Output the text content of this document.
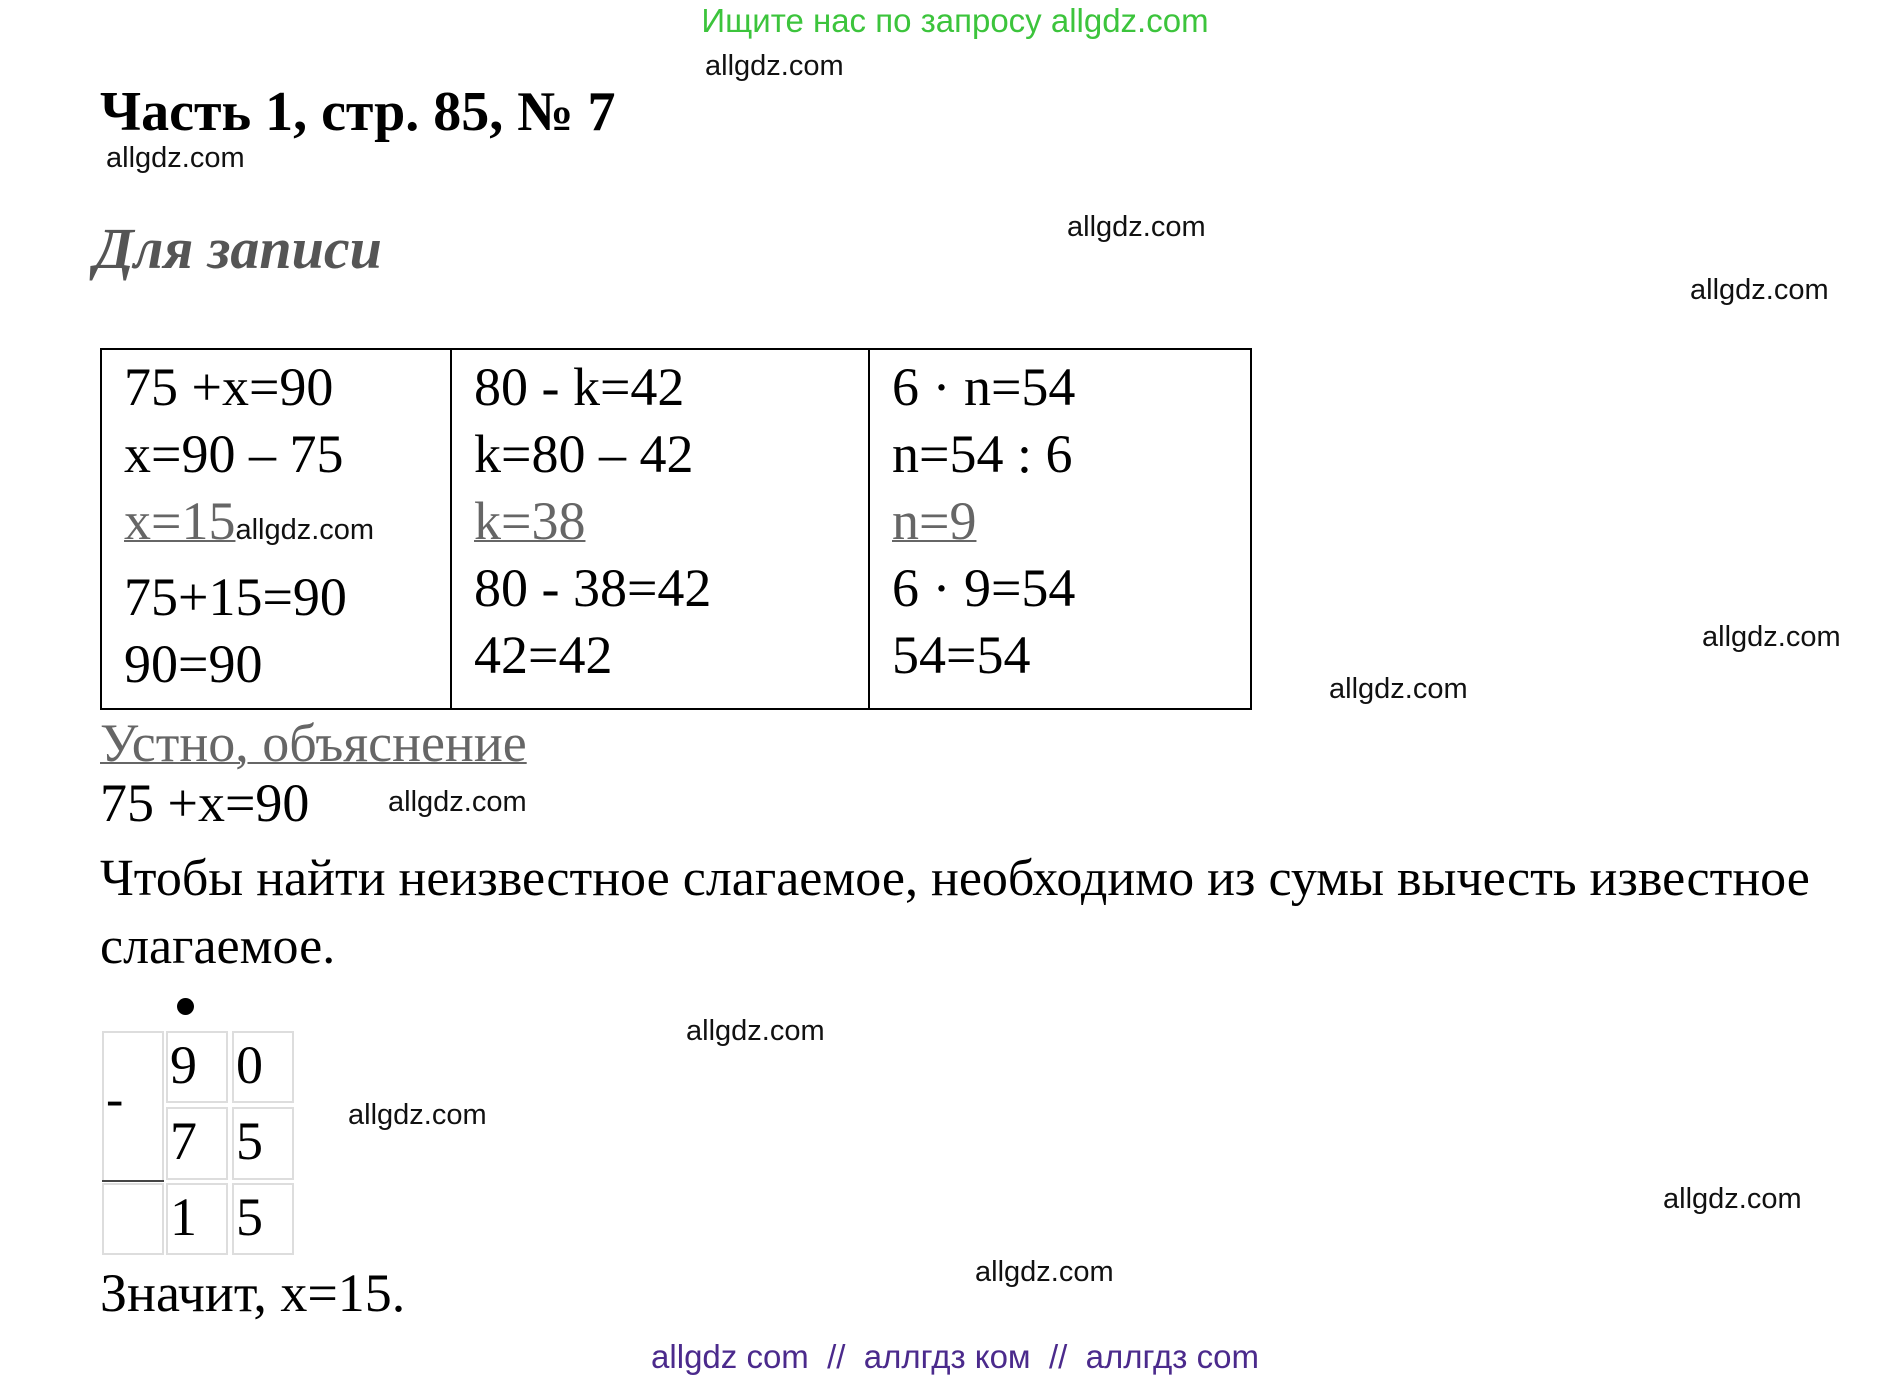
Ищите нас по запросу allgdz.com
allgdz.com
Часть 1, стр. 85, № 7
allgdz.com
Для записи	allgdz.com
allgdz.com
75 +x=90
x=90 – 75
x=15allgdz.com
75+15=90
90=90

80 - k=42
k=80 – 42
k=38
80 - 38=42
42=42

6 · n=54
n=54 : 6
n=9
6 · 9=54
54=54	allgdz.com
allgdz.com
Устно, объяснение
75 +x=90	allgdz.com
Чтобы найти неизвестное слагаемое, необходимо из сумы вычесть известное слагаемое.
-
9 0
7 5
1 5
allgdz.com
allgdz.com
allgdz.com
allgdz.com
Значит, x=15.
allgdz com  //  аллгдз ком  //  аллгдз com
